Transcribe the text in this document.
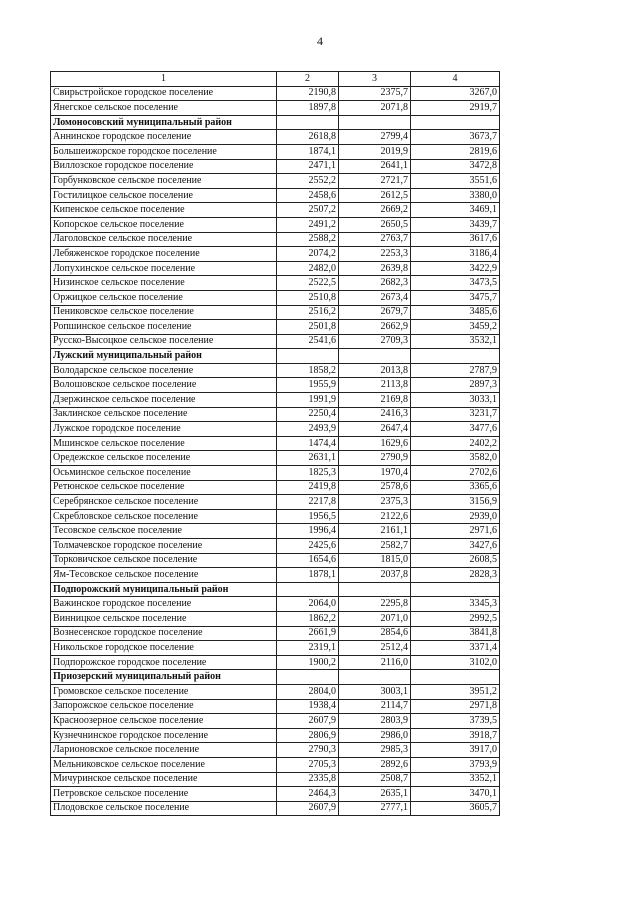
4
1	2	3	4
Свирьстройское городское поселение	2190,8	2375,7	3267,0
Янегское сельское поселение	1897,8	2071,8	2919,7
Ломоносовский муниципальный район			
Аннинское городское поселение	2618,8	2799,4	3673,7
Большеижорское городское поселение	1874,1	2019,9	2819,6
Виллозское городское поселение	2471,1	2641,1	3472,8
Горбунковское сельское поселение	2552,2	2721,7	3551,6
Гостилицкое сельское поселение	2458,6	2612,5	3380,0
Кипенское сельское поселение	2507,2	2669,2	3469,1
Копорское сельское поселение	2491,2	2650,5	3439,7
Лаголовское сельское поселение	2588,2	2763,7	3617,6
Лебяженское городское поселение	2074,2	2253,3	3186,4
Лопухинское сельское поселение	2482,0	2639,8	3422,9
Низинское сельское поселение	2522,5	2682,3	3473,5
Оржицкое сельское поселение	2510,8	2673,4	3475,7
Пениковское сельское поселение	2516,2	2679,7	3485,6
Ропшинское сельское поселение	2501,8	2662,9	3459,2
Русско-Высоцкое сельское поселение	2541,6	2709,3	3532,1
Лужский муниципальный район			
Володарское сельское поселение	1858,2	2013,8	2787,9
Волошовское сельское поселение	1955,9	2113,8	2897,3
Дзержинское сельское поселение	1991,9	2169,8	3033,1
Заклинское сельское поселение	2250,4	2416,3	3231,7
Лужское городское поселение	2493,9	2647,4	3477,6
Мшинское сельское поселение	1474,4	1629,6	2402,2
Оредежское сельское поселение	2631,1	2790,9	3582,0
Осьминское сельское поселение	1825,3	1970,4	2702,6
Ретюнское сельское поселение	2419,8	2578,6	3365,6
Серебрянское сельское поселение	2217,8	2375,3	3156,9
Скребловское сельское поселение	1956,5	2122,6	2939,0
Тесовское сельское поселение	1996,4	2161,1	2971,6
Толмачевское городское поселение	2425,6	2582,7	3427,6
Торковичское сельское поселение	1654,6	1815,0	2608,5
Ям-Тесовское сельское поселение	1878,1	2037,8	2828,3
Подпорожский муниципальный район			
Важинское городское поселение	2064,0	2295,8	3345,3
Винницкое сельское поселение	1862,2	2071,0	2992,5
Вознесенское городское поселение	2661,9	2854,6	3841,8
Никольское городское поселение	2319,1	2512,4	3371,4
Подпорожское городское поселение	1900,2	2116,0	3102,0
Приозерский муниципальный район			
Громовское сельское поселение	2804,0	3003,1	3951,2
Запорожское сельское поселение	1938,4	2114,7	2971,8
Красноозерное сельское поселение	2607,9	2803,9	3739,5
Кузнечнинское городское поселение	2806,9	2986,0	3918,7
Ларионовское сельское поселение	2790,3	2985,3	3917,0
Мельниковское сельское поселение	2705,3	2892,6	3793,9
Мичуринское сельское поселение	2335,8	2508,7	3352,1
Петровское сельское поселение	2464,3	2635,1	3470,1
Плодовское сельское поселение	2607,9	2777,1	3605,7
